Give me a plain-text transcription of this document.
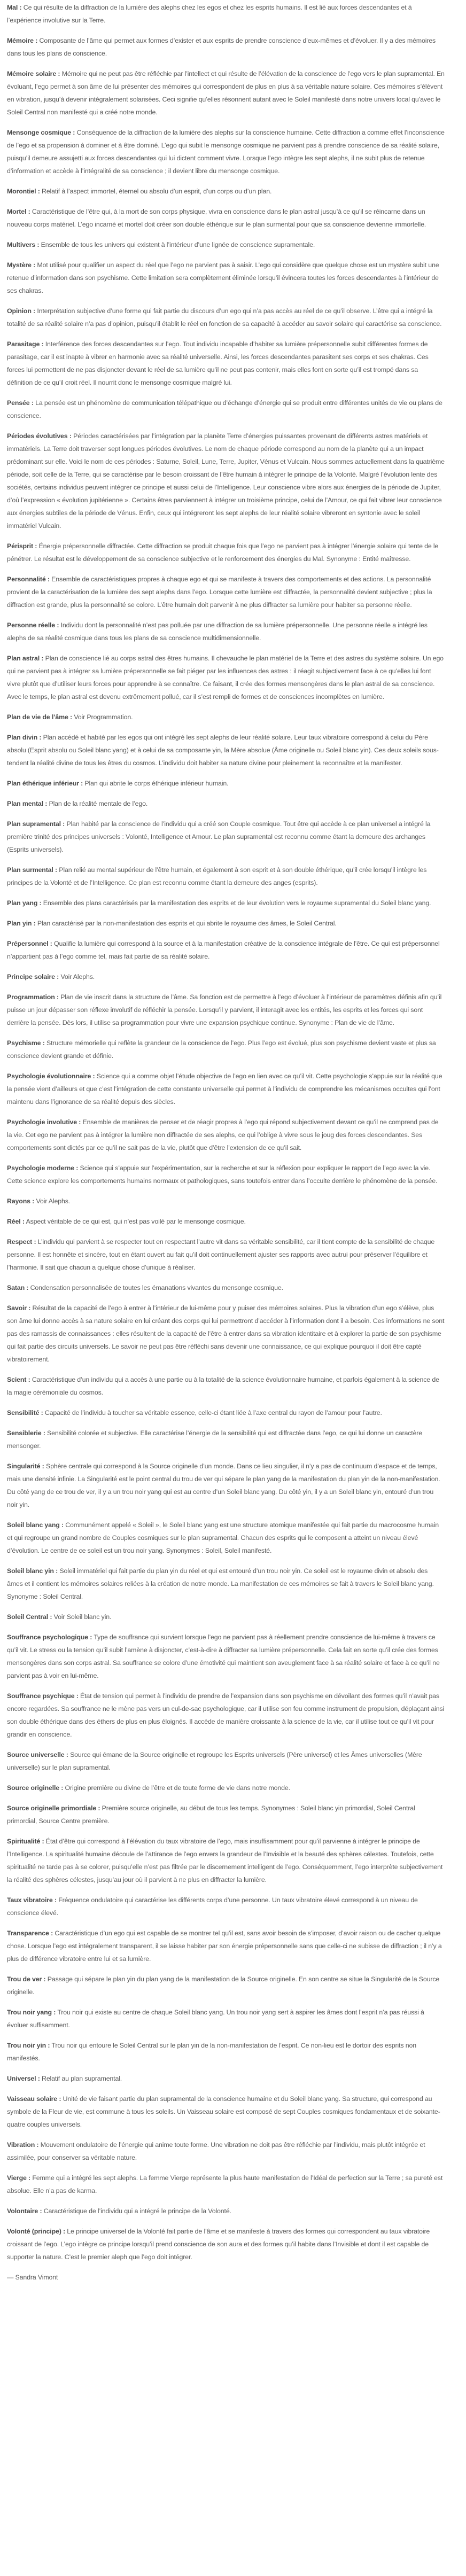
Mal : Ce qui résulte de la diffraction de la lumière des alephs chez les egos et chez les esprits humains. Il est lié aux forces descendantes et à l’expérience involutive sur la Terre.

Mémoire : Composante de l’âme qui permet aux formes d’exister et aux esprits de prendre conscience d’eux-mêmes et d’évoluer. Il y a des mémoires dans tous les plans de conscience.

Mémoire solaire : Mémoire qui ne peut pas être réfléchie par l’intellect et qui résulte de l’élévation de la conscience de l’ego vers le plan supramental. En évoluant, l’ego permet à son âme de lui présenter des mémoires qui correspondent de plus en plus à sa véritable nature solaire. Ces mémoires s’élèvent en vibration, jusqu’à devenir intégralement solarisées. Ceci signifie qu’elles résonnent autant avec le Soleil manifesté dans notre univers local qu’avec le Soleil Central non manifesté qui a créé notre monde.

Mensonge cosmique : Conséquence de la diffraction de la lumière des alephs sur la conscience humaine. Cette diffraction a comme effet l’inconscience de l’ego et sa propension à dominer et à être dominé. L’ego qui subit le mensonge cosmique ne parvient pas à prendre conscience de sa réalité solaire, puisqu’il demeure assujetti aux forces descendantes qui lui dictent comment vivre. Lorsque l’ego intègre les sept alephs, il ne subit plus de retenue d’information et accède à l’intégralité de sa conscience ; il devient libre du mensonge cosmique.

Morontiel : Relatif à l’aspect immortel, éternel ou absolu d’un esprit, d’un corps ou d’un plan.

Mortel : Caractéristique de l’être qui, à la mort de son corps physique, vivra en conscience dans le plan astral jusqu’à ce qu’il se réincarne dans un nouveau corps matériel. L’ego incarné et mortel doit créer son double éthérique sur le plan surmental pour que sa conscience devienne immortelle.

Multivers : Ensemble de tous les univers qui existent à l’intérieur d’une lignée de conscience supramentale.

Mystère : Mot utilisé pour qualifier un aspect du réel que l’ego ne parvient pas à saisir. L’ego qui considère que quelque chose est un mystère subit une retenue d’information dans son psychisme. Cette limitation sera complètement éliminée lorsqu’il évincera toutes les forces descendantes à l’intérieur de ses chakras.

Opinion : Interprétation subjective d’une forme qui fait partie du discours d’un ego qui n’a pas accès au réel de ce qu’il observe. L’être qui a intégré la totalité de sa réalité solaire n’a pas d’opinion, puisqu’il établit le réel en fonction de sa capacité à accéder au savoir solaire qui caractérise sa conscience.

Parasitage : Interférence des forces descendantes sur l’ego. Tout individu incapable d’habiter sa lumière prépersonnelle subit différentes formes de parasitage, car il est inapte à vibrer en harmonie avec sa réalité universelle. Ainsi, les forces descendantes parasitent ses corps et ses chakras. Ces forces lui permettent de ne pas disjoncter devant le réel de sa lumière qu’il ne peut pas contenir, mais elles font en sorte qu’il est trompé dans sa définition de ce qu’il croit réel. Il nourrit donc le mensonge cosmique malgré lui.

Pensée : La pensée est un phénomène de communication télépathique ou d’échange d’énergie qui se produit entre différentes unités de vie ou plans de conscience.

Périodes évolutives : Périodes caractérisées par l’intégration par la planète Terre d’énergies puissantes provenant de différents astres matériels et immatériels. La Terre doit traverser sept longues périodes évolutives. Le nom de chaque période correspond au nom de la planète qui a un impact prédominant sur elle. Voici le nom de ces périodes : Saturne, Soleil, Lune, Terre, Jupiter, Vénus et Vulcain. Nous sommes actuellement dans la quatrième période, soit celle de la Terre, qui se caractérise par le besoin croissant de l’être humain à intégrer le principe de la Volonté. Malgré l’évolution lente des sociétés, certains individus peuvent intégrer ce principe et aussi celui de l’Intelligence. Leur conscience vibre alors aux énergies de la période de Jupiter, d’où l’expression « évolution jupitérienne ». Certains êtres parviennent à intégrer un troisième principe, celui de l’Amour, ce qui fait vibrer leur conscience aux énergies subtiles de la période de Vénus. Enfin, ceux qui intégreront les sept alephs de leur réalité solaire vibreront en syntonie avec le soleil immatériel Vulcain.

Périsprit : Énergie prépersonnelle diffractée. Cette diffraction se produit chaque fois que l’ego ne parvient pas à intégrer l’énergie solaire qui tente de le pénétrer. Le résultat est le développement de sa conscience subjective et le renforcement des énergies du Mal. Synonyme : Entité maîtresse.

Personnalité : Ensemble de caractéristiques propres à chaque ego et qui se manifeste à travers des comportements et des actions. La personnalité provient de la caractérisation de la lumière des sept alephs dans l’ego. Lorsque cette lumière est diffractée, la personnalité devient subjective ; plus la diffraction est grande, plus la personnalité se colore. L’être humain doit parvenir à ne plus diffracter sa lumière pour habiter sa personne réelle.

Personne réelle : Individu dont la personnalité n’est pas polluée par une diffraction de sa lumière prépersonnelle. Une personne réelle a intégré les alephs de sa réalité cosmique dans tous les plans de sa conscience multidimensionnelle.

Plan astral : Plan de conscience lié au corps astral des êtres humains. Il chevauche le plan matériel de la Terre et des astres du système solaire. Un ego qui ne parvient pas à intégrer sa lumière prépersonnelle se fait piéger par les influences des astres : il réagit subjectivement face à ce qu’elles lui font vivre plutôt que d’utiliser leurs forces pour apprendre à se connaître. Ce faisant, il crée des formes mensongères dans le plan astral de sa conscience. Avec le temps, le plan astral est devenu extrêmement pollué, car il s’est rempli de formes et de consciences incomplètes en lumière.

Plan de vie de l’âme : Voir Programmation.

Plan divin : Plan accédé et habité par les egos qui ont intégré les sept alephs de leur réalité solaire. Leur taux vibratoire correspond à celui du Père absolu (Esprit absolu ou Soleil blanc yang) et à celui de sa composante yin, la Mère absolue (Âme originelle ou Soleil blanc yin). Ces deux soleils sous-tendent la réalité divine de tous les êtres du cosmos. L’individu doit habiter sa nature divine pour pleinement la reconnaître et la manifester.

Plan éthérique inférieur : Plan qui abrite le corps éthérique inférieur humain.

Plan mental : Plan de la réalité mentale de l’ego.

Plan supramental : Plan habité par la conscience de l’individu qui a créé son Couple cosmique. Tout être qui accède à ce plan universel a intégré la première trinité des principes universels : Volonté, Intelligence et Amour. Le plan supramental est reconnu comme étant la demeure des archanges (Esprits universels).

Plan surmental : Plan relié au mental supérieur de l’être humain, et également à son esprit et à son double éthérique, qu’il crée lorsqu’il intègre les principes de la Volonté et de l’Intelligence. Ce plan est reconnu comme étant la demeure des anges (esprits).

Plan yang : Ensemble des plans caractérisés par la manifestation des esprits et de leur évolution vers le royaume supramental du Soleil blanc yang.

Plan yin : Plan caractérisé par la non-manifestation des esprits et qui abrite le royaume des âmes, le Soleil Central.

Prépersonnel : Qualifie la lumière qui correspond à la source et à la manifestation créative de la conscience intégrale de l’être. Ce qui est prépersonnel n’appartient pas à l’ego comme tel, mais fait partie de sa réalité solaire.

Principe solaire : Voir Alephs.

Programmation : Plan de vie inscrit dans la structure de l’âme. Sa fonction est de permettre à l’ego d’évoluer à l’intérieur de paramètres définis afin qu’il puisse un jour dépasser son réflexe involutif de réfléchir la pensée. Lorsqu’il y parvient, il interagit avec les entités, les esprits et les forces qui sont derrière la pensée. Dès lors, il utilise sa programmation pour vivre une expansion psychique continue. Synonyme : Plan de vie de l’âme.

Psychisme : Structure mémorielle qui reflète la grandeur de la conscience de l’ego. Plus l’ego est évolué, plus son psychisme devient vaste et plus sa conscience devient grande et définie.

Psychologie évolutionnaire : Science qui a comme objet l’étude objective de l’ego en lien avec ce qu’il vit. Cette psychologie s’appuie sur la réalité que la pensée vient d’ailleurs et que c’est l’intégration de cette constante universelle qui permet à l’individu de comprendre les mécanismes occultes qui l’ont maintenu dans l’ignorance de sa réalité depuis des siècles.

Psychologie involutive : Ensemble de manières de penser et de réagir propres à l’ego qui répond subjectivement devant ce qu’il ne comprend pas de la vie. Cet ego ne parvient pas à intégrer la lumière non diffractée de ses alephs, ce qui l’oblige à vivre sous le joug des forces descendantes. Ses comportements sont dictés par ce qu’il ne sait pas de la vie, plutôt que d’être l’extension de ce qu’il sait.

Psychologie moderne : Science qui s’appuie sur l’expérimentation, sur la recherche et sur la réflexion pour expliquer le rapport de l’ego avec la vie. Cette science explore les comportements humains normaux et pathologiques, sans toutefois entrer dans l’occulte derrière le phénomène de la pensée.

Rayons : Voir Alephs.

Réel : Aspect véritable de ce qui est, qui n’est pas voilé par le mensonge cosmique.

Respect : L’individu qui parvient à se respecter tout en respectant l’autre vit dans sa véritable sensibilité, car il tient compte de la sensibilité de chaque personne. Il est honnête et sincère, tout en étant ouvert au fait qu’il doit continuellement ajuster ses rapports avec autrui pour préserver l’équilibre et l’harmonie. Il sait que chacun a quelque chose d’unique à réaliser.

Satan : Condensation personnalisée de toutes les émanations vivantes du mensonge cosmique.

Savoir : Résultat de la capacité de l’ego à entrer à l’intérieur de lui-même pour y puiser des mémoires solaires. Plus la vibration d’un ego s’élève, plus son âme lui donne accès à sa nature solaire en lui créant des corps qui lui permettront d’accéder à l’information dont il a besoin. Ces informations ne sont pas des ramassis de connaissances : elles résultent de la capacité de l’être à entrer dans sa vibration identitaire et à explorer la partie de son psychisme qui fait partie des circuits universels. Le savoir ne peut pas être réfléchi sans devenir une connaissance, ce qui explique pourquoi il doit être capté vibratoirement.

Scient : Caractéristique d’un individu qui a accès à une partie ou à la totalité de la science évolutionnaire humaine, et parfois également à la science de la magie cérémoniale du cosmos.

Sensibilité : Capacité de l’individu à toucher sa véritable essence, celle-ci étant liée à l’axe central du rayon de l’amour pour l’autre.

Sensiblerie : Sensibilité colorée et subjective. Elle caractérise l’énergie de la sensibilité qui est diffractée dans l’ego, ce qui lui donne un caractère mensonger.

Singularité : Sphère centrale qui correspond à la Source originelle d’un monde. Dans ce lieu singulier, il n’y a pas de continuum d’espace et de temps, mais une densité infinie. La Singularité est le point central du trou de ver qui sépare le plan yang de la manifestation du plan yin de la non-manifestation. Du côté yang de ce trou de ver, il y a un trou noir yang qui est au centre d’un Soleil blanc yang. Du côté yin, il y a un Soleil blanc yin, entouré d’un trou noir yin.

Soleil blanc yang : Communément appelé « Soleil », le Soleil blanc yang est une structure atomique manifestée qui fait partie du macrocosme humain et qui regroupe un grand nombre de Couples cosmiques sur le plan supramental. Chacun des esprits qui le composent a atteint un niveau élevé d’évolution. Le centre de ce soleil est un trou noir yang. Synonymes : Soleil, Soleil manifesté.

Soleil blanc yin : Soleil immatériel qui fait partie du plan yin du réel et qui est entouré d’un trou noir yin. Ce soleil est le royaume divin et absolu des âmes et il contient les mémoires solaires reliées à la création de notre monde. La manifestation de ces mémoires se fait à travers le Soleil blanc yang. Synonyme : Soleil Central.

Soleil Central : Voir Soleil blanc yin.

Souffrance psychologique : Type de souffrance qui survient lorsque l’ego ne parvient pas à réellement prendre conscience de lui-même à travers ce qu’il vit. Le stress ou la tension qu’il subit l’amène à disjoncter, c’est-à-dire à diffracter sa lumière prépersonnelle. Cela fait en sorte qu’il crée des formes mensongères dans son corps astral. Sa souffrance se colore d’une émotivité qui maintient son aveuglement face à sa réalité solaire et face à ce qu’il ne parvient pas à voir en lui-même.

Souffrance psychique : État de tension qui permet à l’individu de prendre de l’expansion dans son psychisme en dévoilant des formes qu’il n’avait pas encore regardées. Sa souffrance ne le mène pas vers un cul-de-sac psychologique, car il utilise son feu comme instrument de propulsion, déplaçant ainsi son double éthérique dans des éthers de plus en plus éloignés. Il accède de manière croissante à la science de la vie, car il utilise tout ce qu’il vit pour grandir en conscience.

Source universelle : Source qui émane de la Source originelle et regroupe les Esprits universels (Père universel) et les Âmes universelles (Mère universelle) sur le plan supramental.

Source originelle : Origine première ou divine de l’être et de toute forme de vie dans notre monde.

Source originelle primordiale : Première source originelle, au début de tous les temps. Synonymes : Soleil blanc yin primordial, Soleil Central primordial, Source Centre première.

Spiritualité : État d’être qui correspond à l’élévation du taux vibratoire de l’ego, mais insuffisamment pour qu’il parvienne à intégrer le principe de l’Intelligence. La spiritualité humaine découle de l’attirance de l’ego envers la grandeur de l’Invisible et la beauté des sphères célestes. Toutefois, cette spiritualité ne tarde pas à se colorer, puisqu’elle n’est pas filtrée par le discernement intelligent de l’ego. Conséquemment, l’ego interprète subjectivement la réalité des sphères célestes, jusqu’au jour où il parvient à ne plus en diffracter la lumière.

Taux vibratoire : Fréquence ondulatoire qui caractérise les différents corps d’une personne. Un taux vibratoire élevé correspond à un niveau de conscience élevé.

Transparence : Caractéristique d’un ego qui est capable de se montrer tel qu’il est, sans avoir besoin de s’imposer, d’avoir raison ou de cacher quelque chose. Lorsque l’ego est intégralement transparent, il se laisse habiter par son énergie prépersonnelle sans que celle-ci ne subisse de diffraction ; il n’y a plus de différence vibratoire entre lui et sa lumière.

Trou de ver : Passage qui sépare le plan yin du plan yang de la manifestation de la Source originelle. En son centre se situe la Singularité de la Source originelle.

Trou noir yang : Trou noir qui existe au centre de chaque Soleil blanc yang. Un trou noir yang sert à aspirer les âmes dont l’esprit n’a pas réussi à évoluer suffisamment.

Trou noir yin : Trou noir qui entoure le Soleil Central sur le plan yin de la non-manifestation de l’esprit. Ce non-lieu est le dortoir des esprits non manifestés.

Universel : Relatif au plan supramental.

Vaisseau solaire : Unité de vie faisant partie du plan supramental de la conscience humaine et du Soleil blanc yang. Sa structure, qui correspond au symbole de la Fleur de vie, est commune à tous les soleils. Un Vaisseau solaire est composé de sept Couples cosmiques fondamentaux et de soixante-quatre couples universels.

Vibration : Mouvement ondulatoire de l’énergie qui anime toute forme. Une vibration ne doit pas être réfléchie par l’individu, mais plutôt intégrée et assimilée, pour conserver sa véritable nature.

Vierge : Femme qui a intégré les sept alephs. La femme Vierge représente la plus haute manifestation de l’Idéal de perfection sur la Terre ; sa pureté est absolue. Elle n’a pas de karma.

Volontaire : Caractéristique de l’individu qui a intégré le principe de la Volonté.

Volonté (principe) : Le principe universel de la Volonté fait partie de l’âme et se manifeste à travers des formes qui correspondent au taux vibratoire croissant de l’ego. L’ego intègre ce principe lorsqu’il prend conscience de son aura et des formes qu’il habite dans l’Invisible et dont il est capable de supporter la nature. C’est le premier aleph que l’ego doit intégrer.

— Sandra Vimont
